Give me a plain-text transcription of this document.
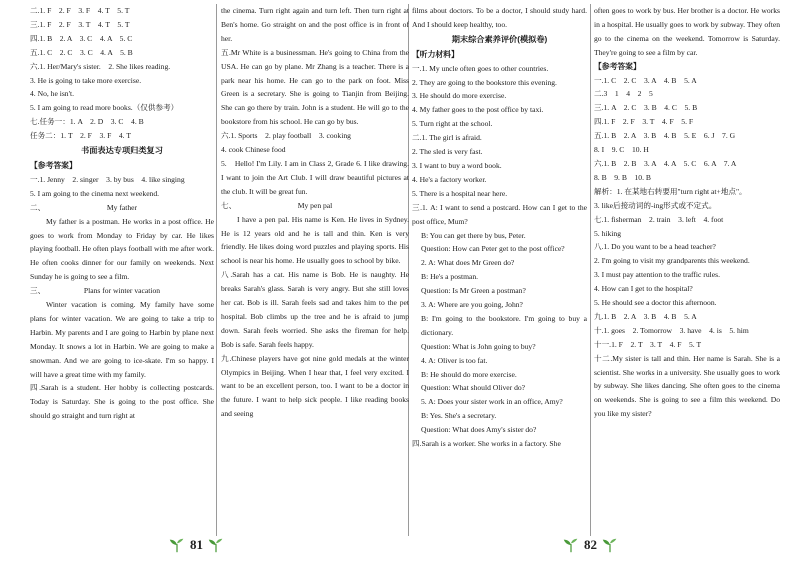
二.1. F　2. F　3. F　4. T　5. T
三.1. F　2. F　3. T　4. T　5. T
四.1. B　2. A　3. C　4. A　5. C
五.1. C　2. C　3. C　4. A　5. B
六.1. Her/Mary's sister.　2. She likes reading.
3. He is going to take more exercise.
4. No, he isn't.
5. I am going to read more books.（仅供参考）
七.任务一：1. A　2. D　3. C　4. B
任务二：1. T　2. F　3. F　4. T
书面表达专项归类复习
【参考答案】
一.1. Jenny　2. singer　3. by bus　4. like singing
5. I am going to the cinema next weekend.
二、	My father

My father is a postman. He works in a post office. He goes to work from Monday to Friday by car. He likes playing football. He often plays football with me after work. He often cooks dinner for our family on weekends. Next Sunday he is going to see a film.

三、	Plans for winter vacation

Winter vacation is coming. My family have some plans for winter vacation. We are going to take a trip to Harbin. My parents and I are going to Harbin by plane next Monday. It snows a lot in Harbin. We are going to make a snowman. And we are going to ice-skate. I'm so happy. I will have a great time with my family.

四.Sarah is a student. Her hobby is collecting postcards. Today is Saturday. She is going to the post office. She should go straight and turn right at

the cinema. Turn right again and turn left. Then turn right at Ben's home. Go straight on and the post office is in front of her.

五.Mr White is a businessman. He's going to China from the USA. He can go by plane. Mr Zhang is a teacher. There is a park near his home. He can go to the park on foot. Miss Green is a secretary. She is going to Tianjin from Beijing. She can go there by train. John is a student. He will go to the bookstore from his school. He can go by bus.

六.1. Sports　2. play football　3. cooking
4. cook Chinese food

5.　Hello! I'm Lily. I am in Class 2, Grade 6. I like drawing. I want to join the Art Club. I will draw beautiful pictures at the club. It will be great fun.

七、	My pen pal

I have a pen pal. His name is Ken. He lives in Sydney. He is 12 years old and he is tall and thin. Ken is very friendly. He likes doing word puzzles and playing sports. His school is near his home. He usually goes to school by bike.

八.Sarah has a cat. His name is Bob. He is naughty. He breaks Sarah's glass. Sarah is very angry. But she still loves her cat. Bob is ill. Sarah feels sad and takes him to the pet hospital. Bob climbs up the tree and he is afraid to jump down. Sarah feels worried. She asks the fireman for help. Bob is safe. Sarah feels happy.

九.Chinese players have got nine gold medals at the winter Olympics in Beijing. When I hear that, I feel very excited. I want to be an excellent person, too. I want to be a doctor in the future. I want to help sick people. I like reading books and seeing

films about doctors. To be a doctor, I should study hard. And I should keep healthy, too.

期末综合素养评价(模拟卷)
【听力材料】
一.1. My uncle often goes to other countries.
2. They are going to the bookstore this evening.
3. He should do more exercise.
4. My father goes to the post office by taxi.
5. Turn right at the school.
二.1. The girl is afraid.
2. The sled is very fast.
3. I want to buy a word book.
4. He's a factory worker.
5. There is a hospital near here.

三.1. A: I want to send a postcard. How can I get to the post office, Mum?

B: You can get there by bus, Peter.
Question: How can Peter get to the post office?
2. A: What does Mr Green do?
B: He's a postman.
Question: Is Mr Green a postman?
3. A: Where are you going, John?

B: I'm going to the bookstore. I'm going to buy a dictionary.

Question: What is John going to buy?
4. A: Oliver is too fat.
B: He should do more exercise.
Question: What should Oliver do?

5. A: Does your sister work in an office, Amy?

B: Yes. She's a secretary.
Question: What does Amy's sister do?

四.Sarah is a worker. She works in a factory. She

often goes to work by bus. Her brother is a doctor. He works in a hospital. He usually goes to work by subway. They often go to the cinema on the weekend. Tomorrow is Saturday. They're going to see a film by car.

【参考答案】
一.1. C　2. C　3. A　4. B　5. A
二.3　1　4　2　5
三.1. A　2. C　3. B　4. C　5. B
四.1. F　2. F　3. T　4. F　5. F
五.1. B　2. A　3. B　4. B　5. E　6. J　7. G
8. I　9. C　10. H
六.1. B　2. B　3. A　4. A　5. C　6. A　7. A
8. B　9. B　10. B

解析：1. 在某地右转要用"turn right at+地点"。

3. like后接动词的-ing形式或不定式。
七.1. fisherman　2. train　3. left　4. foot
5. hiking
八.1. Do you want to be a head teacher?
2. I'm going to visit my grandparents this weekend.
3. I must pay attention to the traffic rules.
4. How can I get to the hospital?
5. He should see a doctor this afternoon.
九.1. B　2. A　3. B　4. B　5. A
十.1. goes　2. Tomorrow　3. have　4. is　5. him
十一.1. F　2. T　3. T　4. F　5. T

十二.My sister is tall and thin. Her name is Sarah. She is a scientist. She works in a university. She usually goes to work by subway. She likes dancing. She often goes to the cinema on weekends. She is going to see a film this weekend. Do you like my sister?

81	82
